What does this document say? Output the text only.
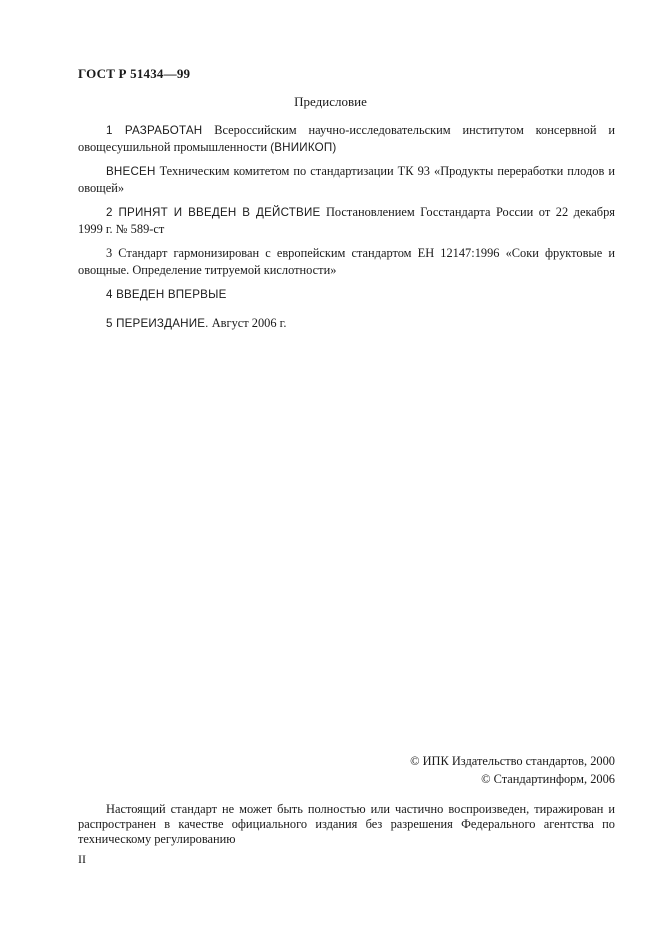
ГОСТ Р 51434—99
Предисловие
1 РАЗРАБОТАН Всероссийским научно-исследовательским институтом консервной и овощесушильной промышленности (ВНИИКОП)
ВНЕСЕН Техническим комитетом по стандартизации ТК 93 «Продукты переработки плодов и овощей»
2 ПРИНЯТ И ВВЕДЕН В ДЕЙСТВИЕ Постановлением Госстандарта России от 22 декабря 1999 г. № 589-ст
3 Стандарт гармонизирован с европейским стандартом ЕН 12147:1996 «Соки фруктовые и овощные. Определение титруемой кислотности»
4 ВВЕДЕН ВПЕРВЫЕ
5 ПЕРЕИЗДАНИЕ. Август 2006 г.
© ИПК Издательство стандартов, 2000
© Стандартинформ, 2006
Настоящий стандарт не может быть полностью или частично воспроизведен, тиражирован и распространен в качестве официального издания без разрешения Федерального агентства по техническому регулированию
II
